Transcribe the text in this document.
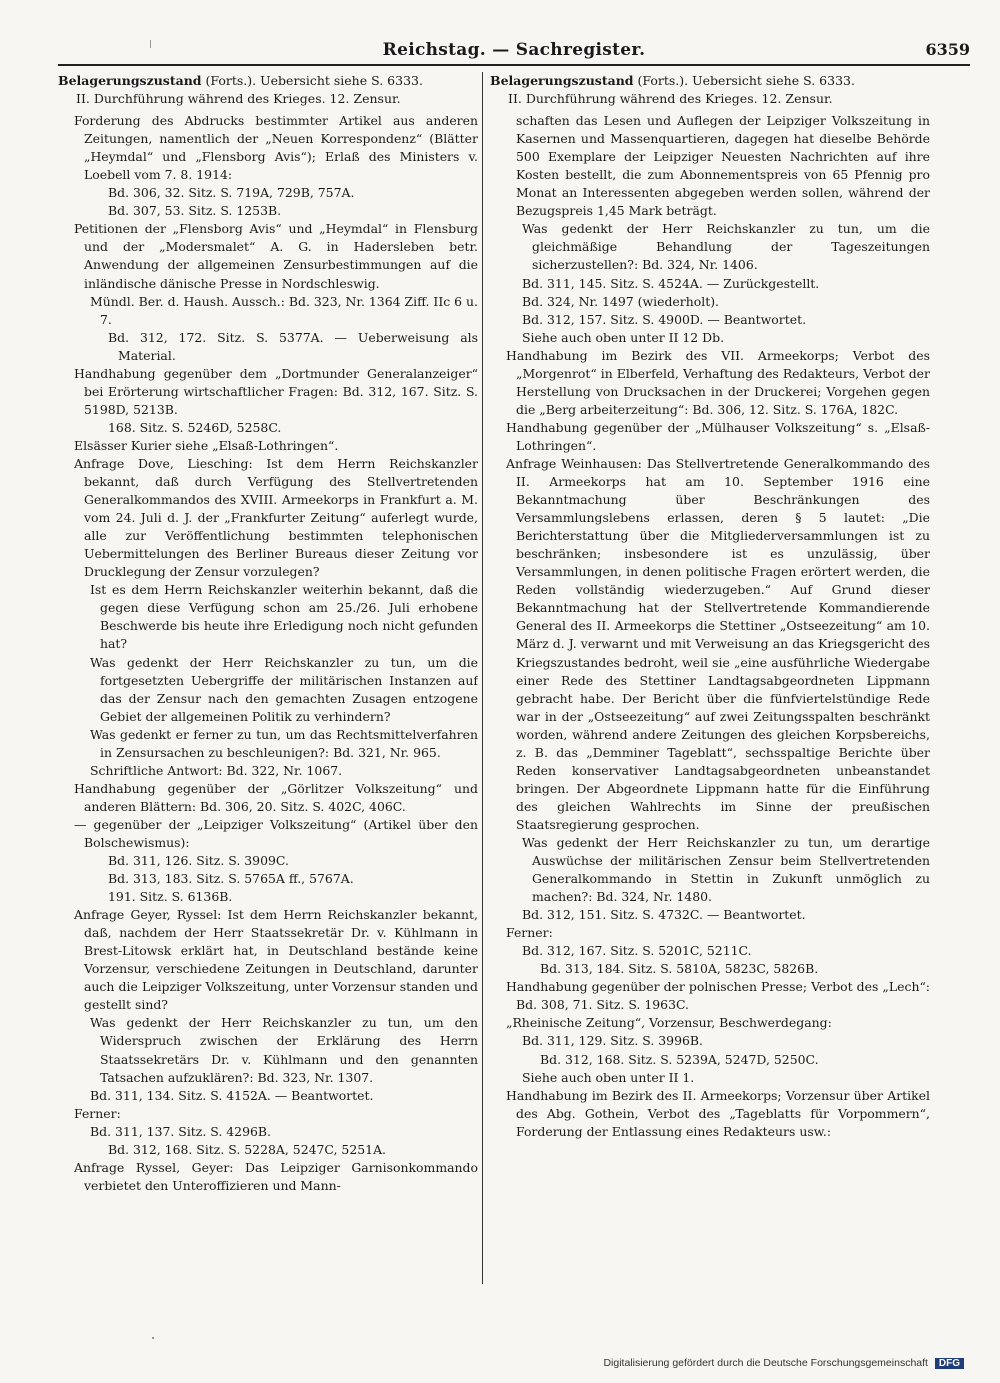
Reichstag. — Sachregister.	6359
Belagerungszustand (Forts.). Uebersicht siehe S. 6333.
II. Durchführung während des Krieges. 12. Zensur.

Forderung des Abdrucks bestimmter Artikel aus anderen Zeitungen, namentlich der „Neuen Korrespondenz“ (Blätter „Heymdal“ und „Flensborg Avis“); Erlaß des Ministers v. Loebell vom 7. 8. 1914:

Bd. 306, 32. Sitz. S. 719A, 729B, 757A.

Bd. 307, 53. Sitz. S. 1253B.

Petitionen der „Flensborg Avis“ und „Heymdal“ in Flensburg und der „Modersmalet“ A. G. in Hadersleben betr. Anwendung der allgemeinen Zensurbestimmungen auf die inländische dänische Presse in Nordschleswig.

Mündl. Ber. d. Haush. Aussch.: Bd. 323, Nr. 1364 Ziff. IIc 6 u. 7.

Bd. 312, 172. Sitz. S. 5377A. — Ueberweisung als Material.

Handhabung gegenüber dem „Dortmunder Generalanzeiger“ bei Erörterung wirtschaftlicher Fragen: Bd. 312, 167. Sitz. S. 5198D, 5213B.

168. Sitz. S. 5246D, 5258C.

Elsässer Kurier siehe „Elsaß-Lothringen“.

Anfrage Dove, Liesching: Ist dem Herrn Reichskanzler bekannt, daß durch Verfügung des Stellvertretenden Generalkommandos des XVIII. Armeekorps in Frankfurt a. M. vom 24. Juli d. J. der „Frankfurter Zeitung“ auferlegt wurde, alle zur Veröffentlichung bestimmten telephonischen Uebermittelungen des Berliner Bureaus dieser Zeitung vor Drucklegung der Zensur vorzulegen?

Ist es dem Herrn Reichskanzler weiterhin bekannt, daß die gegen diese Verfügung schon am 25./26. Juli erhobene Beschwerde bis heute ihre Erledigung noch nicht gefunden hat?

Was gedenkt der Herr Reichskanzler zu tun, um die fortgesetzten Uebergriffe der militärischen Instanzen auf das der Zensur nach den gemachten Zusagen entzogene Gebiet der allgemeinen Politik zu verhindern?

Was gedenkt er ferner zu tun, um das Rechtsmittelverfahren in Zensursachen zu beschleunigen?: Bd. 321, Nr. 965.

Schriftliche Antwort: Bd. 322, Nr. 1067.

Handhabung gegenüber der „Görlitzer Volkszeitung“ und anderen Blättern: Bd. 306, 20. Sitz. S. 402C, 406C.

— gegenüber der „Leipziger Volkszeitung“ (Artikel über den Bolschewismus):

Bd. 311, 126. Sitz. S. 3909C.

Bd. 313, 183. Sitz. S. 5765A ff., 5767A.

191. Sitz. S. 6136B.

Anfrage Geyer, Ryssel: Ist dem Herrn Reichskanzler bekannt, daß, nachdem der Herr Staatssekretär Dr. v. Kühlmann in Brest-Litowsk erklärt hat, in Deutschland bestände keine Vorzensur, verschiedene Zeitungen in Deutschland, darunter auch die Leipziger Volkszeitung, unter Vorzensur standen und gestellt sind?

Was gedenkt der Herr Reichskanzler zu tun, um den Widerspruch zwischen der Erklärung des Herrn Staatssekretärs Dr. v. Kühlmann und den genannten Tatsachen aufzuklären?: Bd. 323, Nr. 1307.

Bd. 311, 134. Sitz. S. 4152A. — Beantwortet.

Ferner:

Bd. 311, 137. Sitz. S. 4296B.

Bd. 312, 168. Sitz. S. 5228A, 5247C, 5251A.

Anfrage Ryssel, Geyer: Das Leipziger Garnisonkommando verbietet den Unteroffizieren und Mann-

Belagerungszustand (Forts.). Uebersicht siehe S. 6333.
II. Durchführung während des Krieges. 12. Zensur.

schaften das Lesen und Auflegen der Leipziger Volkszeitung in Kasernen und Massenquartieren, dagegen hat dieselbe Behörde 500 Exemplare der Leipziger Neuesten Nachrichten auf ihre Kosten bestellt, die zum Abonnementspreis von 65 Pfennig pro Monat an Interessenten abgegeben werden sollen, während der Bezugspreis 1,45 Mark beträgt.

Was gedenkt der Herr Reichskanzler zu tun, um die gleichmäßige Behandlung der Tageszeitungen sicherzustellen?: Bd. 324, Nr. 1406.

Bd. 311, 145. Sitz. S. 4524A. — Zurückgestellt.

Bd. 324, Nr. 1497 (wiederholt).

Bd. 312, 157. Sitz. S. 4900D. — Beantwortet.

Siehe auch oben unter II 12 Db.

Handhabung im Bezirk des VII. Armeekorps; Verbot des „Morgenrot“ in Elberfeld, Verhaftung des Redakteurs, Verbot der Herstellung von Drucksachen in der Druckerei; Vorgehen gegen die „Berg arbeiterzeitung“: Bd. 306, 12. Sitz. S. 176A, 182C.

Handhabung gegenüber der „Mülhauser Volkszeitung“ s. „Elsaß-Lothringen“.

Anfrage Weinhausen: Das Stellvertretende Generalkommando des II. Armeekorps hat am 10. September 1916 eine Bekanntmachung über Beschränkungen des Versammlungslebens erlassen, deren § 5 lautet: „Die Berichterstattung über die Mitgliederversammlungen ist zu beschränken; insbesondere ist es unzulässig, über Versammlungen, in denen politische Fragen erörtert werden, die Reden vollständig wiederzugeben.“ Auf Grund dieser Bekanntmachung hat der Stellvertretende Kommandierende General des II. Armeekorps die Stettiner „Ostseezeitung“ am 10. März d. J. verwarnt und mit Verweisung an das Kriegsgericht des Kriegszustandes bedroht, weil sie „eine ausführliche Wiedergabe einer Rede des Stettiner Landtagsabgeordneten Lippmann gebracht habe. Der Bericht über die fünfviertelstündige Rede war in der „Ostseezeitung“ auf zwei Zeitungsspalten beschränkt worden, während andere Zeitungen des gleichen Korpsbereichs, z. B. das „Demminer Tageblatt“, sechsspaltige Berichte über Reden konservativer Landtagsabgeordneten unbeanstandet bringen. Der Abgeordnete Lippmann hatte für die Einführung des gleichen Wahlrechts im Sinne der preußischen Staatsregierung gesprochen.

Was gedenkt der Herr Reichskanzler zu tun, um derartige Auswüchse der militärischen Zensur beim Stellvertretenden Generalkommando in Stettin in Zukunft unmöglich zu machen?: Bd. 324, Nr. 1480.

Bd. 312, 151. Sitz. S. 4732C. — Beantwortet.

Ferner:

Bd. 312, 167. Sitz. S. 5201C, 5211C.

Bd. 313, 184. Sitz. S. 5810A, 5823C, 5826B.

Handhabung gegenüber der polnischen Presse; Verbot des „Lech“: Bd. 308, 71. Sitz. S. 1963C.

„Rheinische Zeitung“, Vorzensur, Beschwerdegang:

Bd. 311, 129. Sitz. S. 3996B.

Bd. 312, 168. Sitz. S. 5239A, 5247D, 5250C.

Siehe auch oben unter II 1.

Handhabung im Bezirk des II. Armeekorps; Vorzensur über Artikel des Abg. Gothein, Verbot des „Tageblatts für Vorpommern“, Forderung der Entlassung eines Redakteurs usw.:

Digitalisierung gefördert durch die Deutsche Forschungsgemeinschaft DFG
